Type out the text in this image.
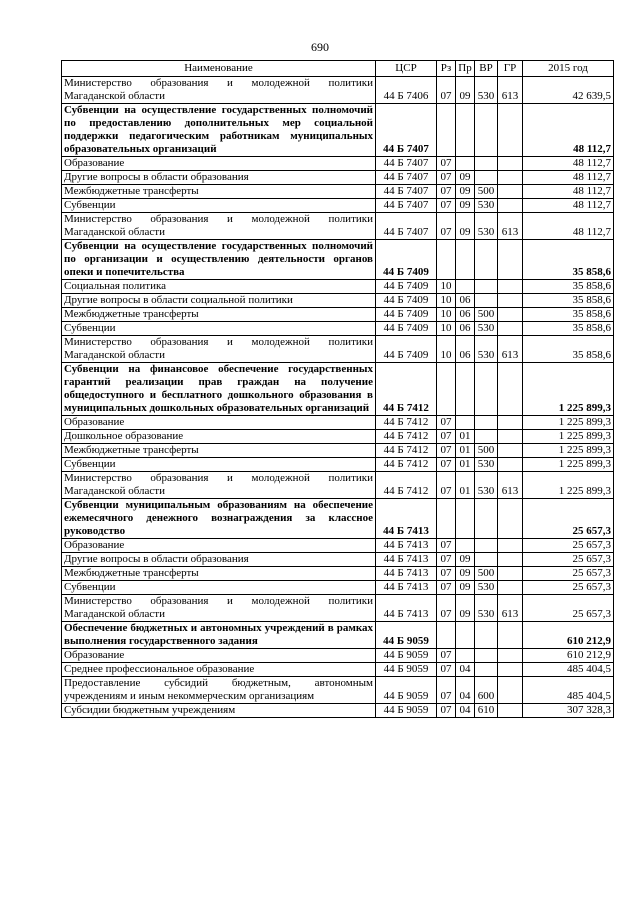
690
Наименование	ЦСР	Рз	Пр	ВР	ГР	2015 год
Министерство образования и молодежной политики Магаданской области	44 Б 7406	07	09	530	613	42 639,5
Субвенции на осуществление государственных полномочий по предоставлению дополнительных мер социальной поддержки педагогическим работникам муниципальных образовательных организаций	44 Б 7407					48 112,7
Образование	44 Б 7407	07				48 112,7
Другие вопросы в области образования	44 Б 7407	07	09			48 112,7
Межбюджетные трансферты	44 Б 7407	07	09	500		48 112,7
Субвенции	44 Б 7407	07	09	530		48 112,7
Министерство образования и молодежной политики Магаданской области	44 Б 7407	07	09	530	613	48 112,7
Субвенции на осуществление государственных полномочий по организации и осуществлению деятельности органов опеки и попечительства	44 Б 7409					35 858,6
Социальная политика	44 Б 7409	10				35 858,6
Другие вопросы в области социальной политики	44 Б 7409	10	06			35 858,6
Межбюджетные трансферты	44 Б 7409	10	06	500		35 858,6
Субвенции	44 Б 7409	10	06	530		35 858,6
Министерство образования и молодежной политики Магаданской области	44 Б 7409	10	06	530	613	35 858,6
Субвенции на финансовое обеспечение государственных гарантий реализации прав граждан на получение общедоступного и бесплатного дошкольного образования в муниципальных дошкольных образовательных организаций	44 Б 7412					1 225 899,3
Образование	44 Б 7412	07				1 225 899,3
Дошкольное образование	44 Б 7412	07	01			1 225 899,3
Межбюджетные трансферты	44 Б 7412	07	01	500		1 225 899,3
Субвенции	44 Б 7412	07	01	530		1 225 899,3
Министерство образования и молодежной политики Магаданской области	44 Б 7412	07	01	530	613	1 225 899,3
Субвенции муниципальным образованиям на обеспечение ежемесячного денежного вознаграждения за классное руководство	44 Б 7413					25 657,3
Образование	44 Б 7413	07				25 657,3
Другие вопросы в области образования	44 Б 7413	07	09			25 657,3
Межбюджетные трансферты	44 Б 7413	07	09	500		25 657,3
Субвенции	44 Б 7413	07	09	530		25 657,3
Министерство образования и молодежной политики Магаданской области	44 Б 7413	07	09	530	613	25 657,3
Обеспечение бюджетных и автономных учреждений в рамках выполнения государственного задания	44 Б 9059					610 212,9
Образование	44 Б 9059	07				610 212,9
Среднее профессиональное образование	44 Б 9059	07	04			485 404,5
Предоставление субсидий бюджетным, автономным учреждениям и иным некоммерческим организациям	44 Б 9059	07	04	600		485 404,5
Субсидии бюджетным учреждениям	44 Б 9059	07	04	610		307 328,3
